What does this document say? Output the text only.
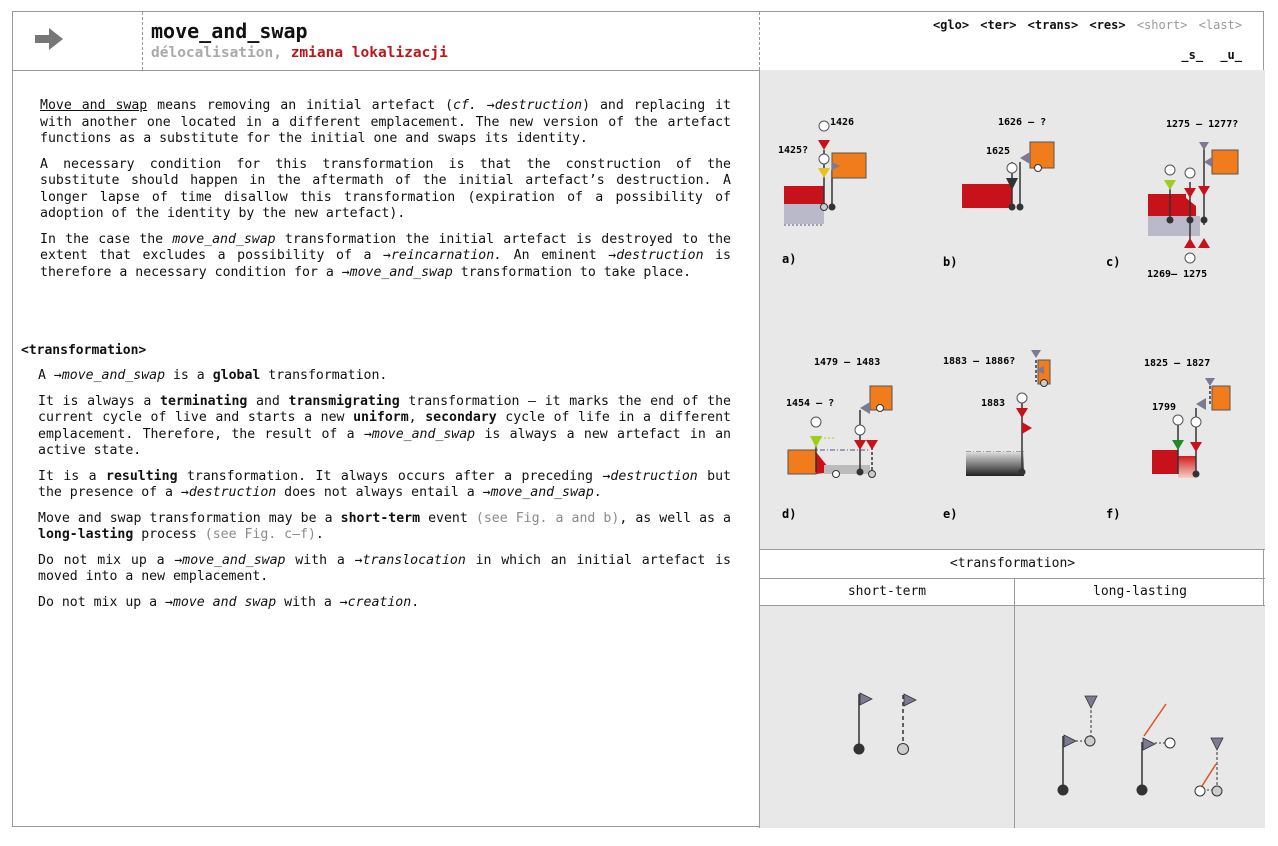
move_and_swap
délocalisation, zmiana lokalizacji
<glo> <ter> <trans> <res> <short> <last>
_s_ _u_

Move and swap means removing an initial artefact (cf. →destruction) and replacing it with another one located in a different emplacement. The new version of the artefact functions as a substitute for the initial one and swaps its identity.

A necessary condition for this transformation is that the construction of the substitute should happen in the aftermath of the initial artefact’s destruction. A longer lapse of time disallow this transformation (expiration of a possibility of adoption of the identity by the new artefact).

In the case the move_and_swap transformation the initial artefact is destroyed to the extent that excludes a possibility of a →reincarnation. An eminent →destruction is therefore a necessary condition for a →move_and_swap transformation to take place.

<transformation>

A →move_and_swap is a global transformation.

It is always a terminating and transmigrating transformation – it marks the end of the current cycle of live and starts a new uniform, secondary cycle of life in a different emplacement. Therefore, the result of a →move_and_swap is always a new artefact in an active state.

It is a resulting transformation. It always occurs after a preceding →destruction but the presence of a →destruction does not always entail a →move_and_swap.

Move and swap transformation may be a short-term event (see Fig. a and b), as well as a long-lasting process (see Fig. c–f).

Do not mix up a →move_and_swap with a →translocation in which an initial artefact is moved into a new emplacement.

Do not mix up a →move and swap with a →creation.

1426
1425?
a)
1626 – ?
1625
b)
1275 – 1277?
1269– 1275
c)
1479 – 1483
1454 – ?
d)
1883 – 1886?
1883
e)
1825 – 1827
1799
f)
<transformation>
short-term	long-lasting
